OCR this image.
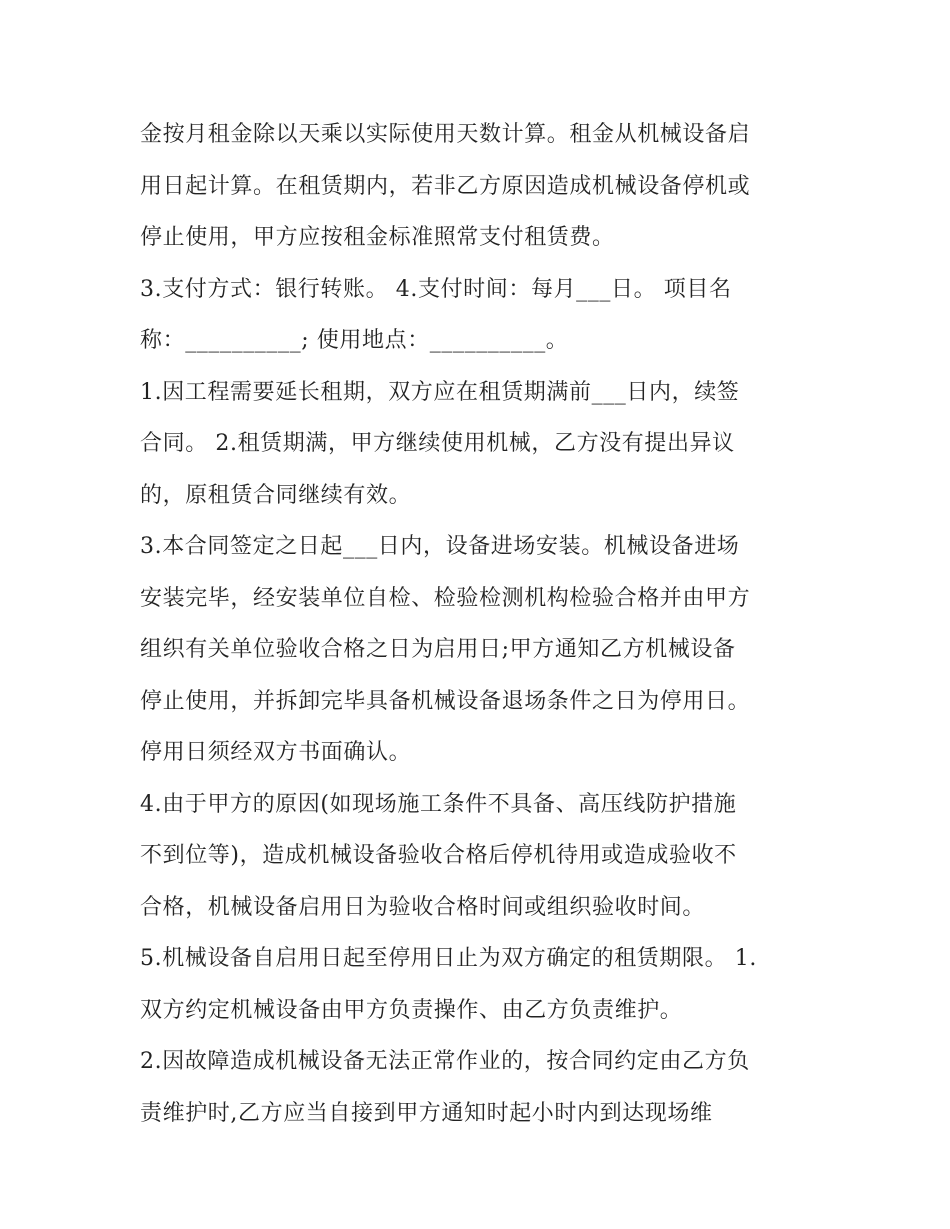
金按月租金除以天乘以实际使用天数计算。租金从机械设备启
用日起计算。在租赁期内，若非乙方原因造成机械设备停机或
停止使用，甲方应按租金标准照常支付租赁费。
3.支付方式：银行转账。 4.支付时间：每月___日。 项目名
称：__________; 使用地点：__________。
1.因工程需要延长租期，双方应在租赁期满前___日内，续签
合同。 2.租赁期满，甲方继续使用机械，乙方没有提出异议
的，原租赁合同继续有效。
3.本合同签定之日起___日内，设备进场安装。机械设备进场
安装完毕，经安装单位自检、检验检测机构检验合格并由甲方
组织有关单位验收合格之日为启用日;甲方通知乙方机械设备
停止使用，并拆卸完毕具备机械设备退场条件之日为停用日。
停用日须经双方书面确认。
4.由于甲方的原因(如现场施工条件不具备、高压线防护措施
不到位等)，造成机械设备验收合格后停机待用或造成验收不
合格，机械设备启用日为验收合格时间或组织验收时间。
5.机械设备自启用日起至停用日止为双方确定的租赁期限。 1.
双方约定机械设备由甲方负责操作、由乙方负责维护。
2.因故障造成机械设备无法正常作业的，按合同约定由乙方负
责维护时,乙方应当自接到甲方通知时起小时内到达现场维
